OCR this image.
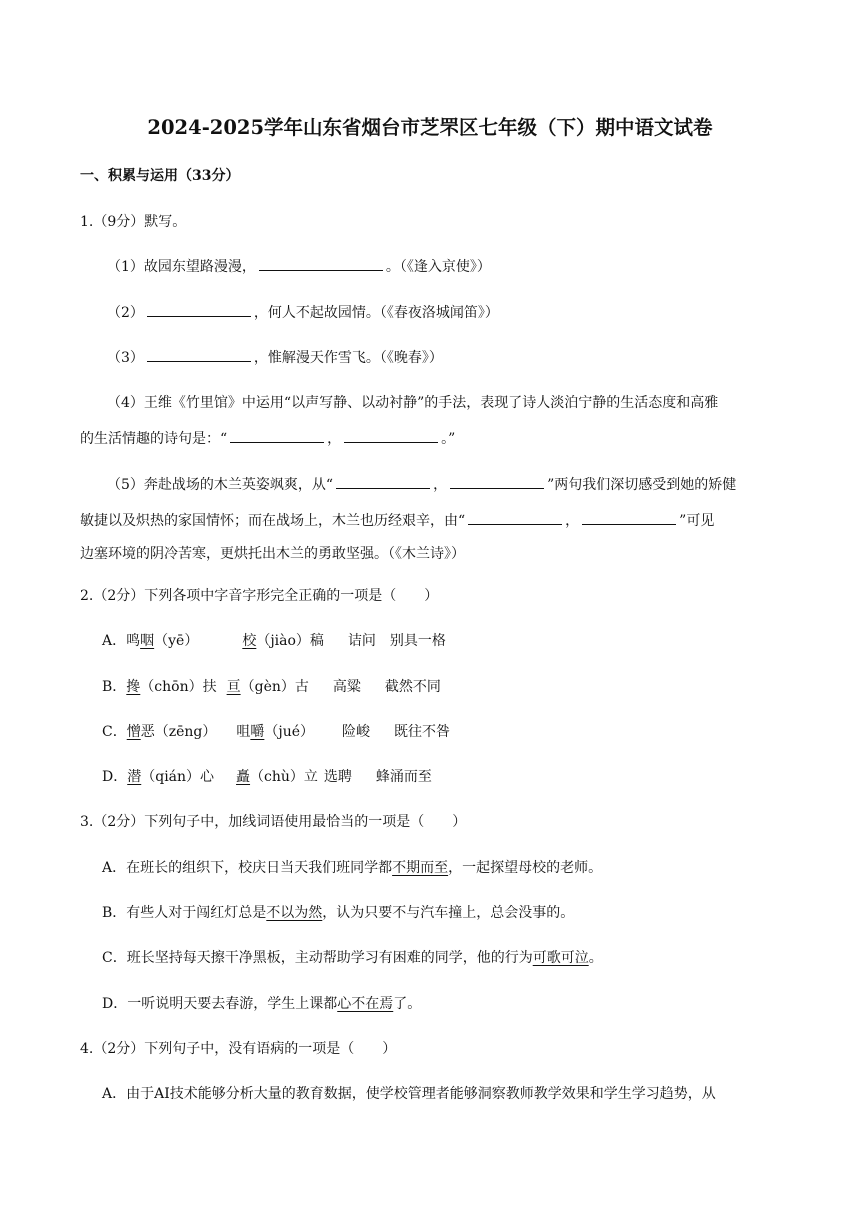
2024-2025学年山东省烟台市芝罘区七年级（下）期中语文试卷
一、积累与运用（33分）
1.（9分）默写。
（1）故园东望路漫漫，	。（《逢入京使》）
（2）	，何人不起故园情。（《春夜洛城闻笛》）
（3）	，惟解漫天作雪飞。（《晚春》）
（4）王维《竹里馆》中运用“以声写静、以动衬静”的手法，表现了诗人淡泊宁静的生活态度和高雅
的生活情趣的诗句是：“	，	。”
（5）奔赴战场的木兰英姿飒爽，从“	，	”两句我们深切感受到她的矫健
敏捷以及炽热的家国情怀；而在战场上，木兰也历经艰辛，由“	，	”可见
边塞环境的阴冷苦寒，更烘托出木兰的勇敢坚强。（《木兰诗》）
2.（2分）下列各项中字音字形完全正确的一项是（　　）
A．鸣咽（yē）	校（jiào）稿 诘问 别具一格
B．搀（chōn）扶 亘（gèn）古 高粱 截然不同
C．憎恶（zēng） 咀嚼（jué） 险峻 既往不咎
D．潜（qián）心 矗（chù）立 选聘 蜂涌而至
3.（2分）下列句子中，加线词语使用最恰当的一项是（　　）
A．在班长的组织下，校庆日当天我们班同学都不期而至，一起探望母校的老师。
B．有些人对于闯红灯总是不以为然，认为只要不与汽车撞上，总会没事的。
C．班长坚持每天擦干净黑板，主动帮助学习有困难的同学，他的行为可歌可泣。
D．一听说明天要去春游，学生上课都心不在焉了。
4.（2分）下列句子中，没有语病的一项是（　　）
A．由于AI技术能够分析大量的教育数据，使学校管理者能够洞察教师教学效果和学生学习趋势，从
